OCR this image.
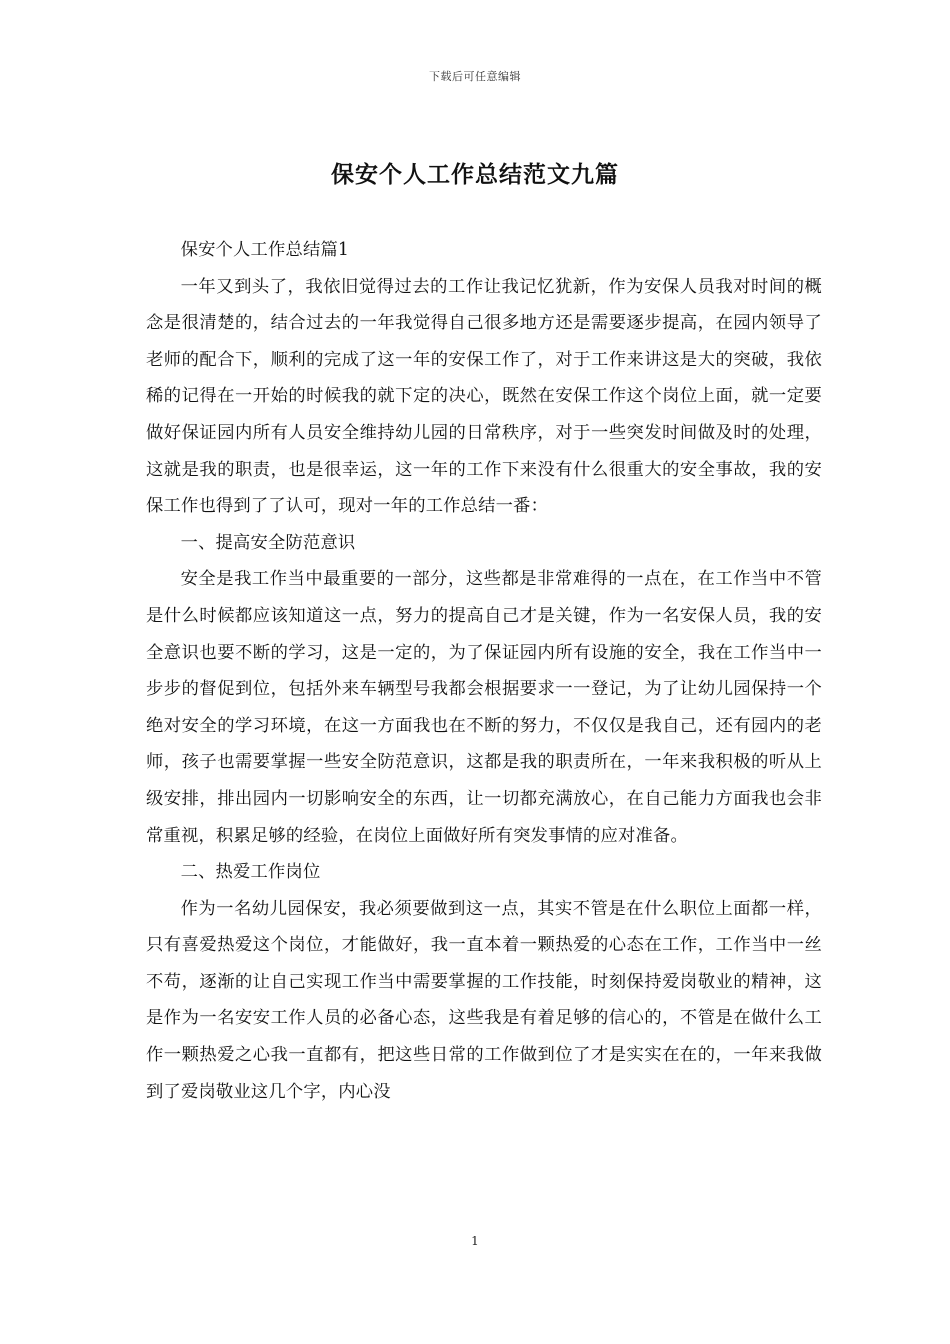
下载后可任意编辑
保安个人工作总结范文九篇

保安个人工作总结篇1

一年又到头了，我依旧觉得过去的工作让我记忆犹新，作为安保人员我对时间的概念是很清楚的，结合过去的一年我觉得自己很多地方还是需要逐步提高，在园内领导了老师的配合下，顺利的完成了这一年的安保工作了，对于工作来讲这是大的突破，我依稀的记得在一开始的时候我的就下定的决心，既然在安保工作这个岗位上面，就一定要做好保证园内所有人员安全维持幼儿园的日常秩序，对于一些突发时间做及时的处理，这就是我的职责，也是很幸运，这一年的工作下来没有什么很重大的安全事故，我的安保工作也得到了了认可，现对一年的工作总结一番：

一、提高安全防范意识

安全是我工作当中最重要的一部分，这些都是非常难得的一点在，在工作当中不管是什么时候都应该知道这一点，努力的提高自己才是关键，作为一名安保人员，我的安全意识也要不断的学习，这是一定的，为了保证园内所有设施的安全，我在工作当中一步步的督促到位，包括外来车辆型号我都会根据要求一一登记，为了让幼儿园保持一个绝对安全的学习环境，在这一方面我也在不断的努力，不仅仅是我自己，还有园内的老师，孩子也需要掌握一些安全防范意识，这都是我的职责所在，一年来我积极的听从上级安排，排出园内一切影响安全的东西，让一切都充满放心，在自己能力方面我也会非常重视，积累足够的经验，在岗位上面做好所有突发事情的应对准备。

二、热爱工作岗位

作为一名幼儿园保安，我必须要做到这一点，其实不管是在什么职位上面都一样，只有喜爱热爱这个岗位，才能做好，我一直本着一颗热爱的心态在工作，工作当中一丝不苟，逐渐的让自己实现工作当中需要掌握的工作技能，时刻保持爱岗敬业的精神，这是作为一名安安工作人员的必备心态，这些我是有着足够的信心的，不管是在做什么工作一颗热爱之心我一直都有，把这些日常的工作做到位了才是实实在在的，一年来我做到了爱岗敬业这几个字，内心没

1
